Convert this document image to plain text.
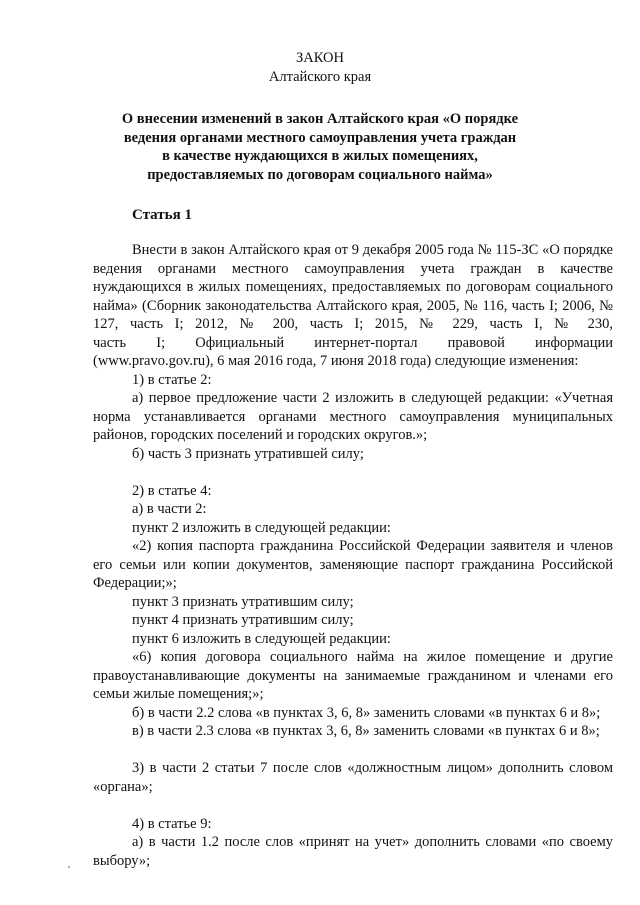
ЗАКОН
Алтайского края
О внесении изменений в закон Алтайского края «О порядке
ведения органами местного самоуправления учета граждан
в качестве нуждающихся в жилых помещениях,
предоставляемых по договорам социального найма»
Статья 1

Внести в закон Алтайского края от 9 декабря 2005 года № 115-ЗС «О порядке ведения органами местного самоуправления учета граждан в качестве нуждающихся в жилых помещениях, предоставляемых по договорам социального найма» (Сборник законодательства Алтайского края, 2005, № 116, часть I; 2006, № 127, часть I; 2012, № 200, часть I; 2015, № 229, часть I, № 230,

часть I; Официальный интернет-портал правовой информации

(www.pravo.gov.ru), 6 мая 2016 года, 7 июня 2018 года) следующие изменения:

1) в статье 2:

а) первое предложение части 2 изложить в следующей редакции: «Учетная норма устанавливается органами местного самоуправления муниципальных районов, городских поселений и городских округов.»;

б) часть 3 признать утратившей силу;

2) в статье 4:

а) в части 2:

пункт 2 изложить в следующей редакции:

«2) копия паспорта гражданина Российской Федерации заявителя и членов его семьи или копии документов, заменяющие паспорт гражданина Российской Федерации;»;

пункт 3 признать утратившим силу;

пункт 4 признать утратившим силу;

пункт 6 изложить в следующей редакции:

«6) копия договора социального найма на жилое помещение и другие правоустанавливающие документы на занимаемые гражданином и членами его семьи жилые помещения;»;

б) в части 2.2 слова «в пунктах 3, 6, 8» заменить словами «в пунктах 6 и 8»;

в) в части 2.3 слова «в пунктах 3, 6, 8» заменить словами «в пунктах 6 и 8»;

3) в части 2 статьи 7 после слов «должностным лицом» дополнить словом «органа»;

4) в статье 9:

а) в части 1.2 после слов «принят на учет» дополнить словами «по своему выбору»;
